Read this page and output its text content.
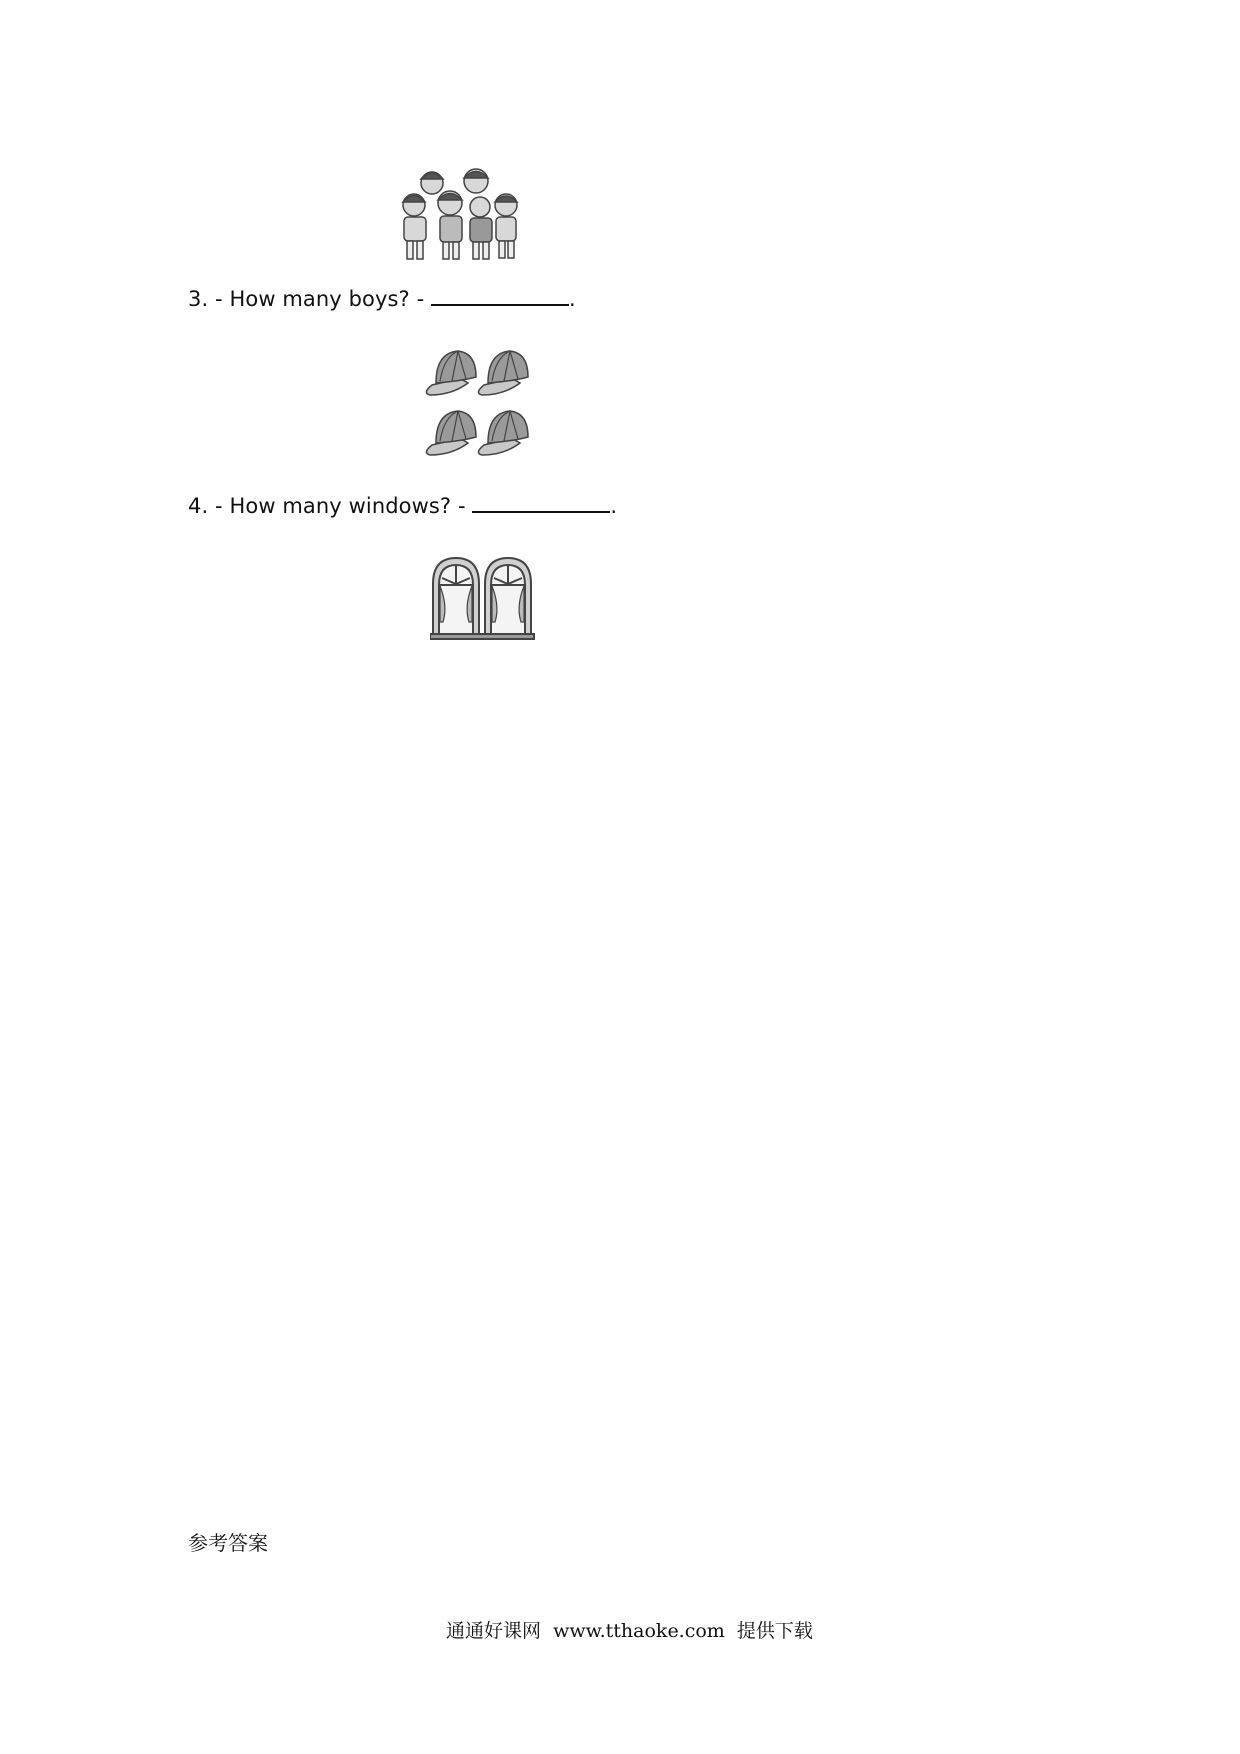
3. - How many boys? -	.
4. - How many windows? -	.
参考答案
通通好课网  www.tthaoke.com  提供下载
